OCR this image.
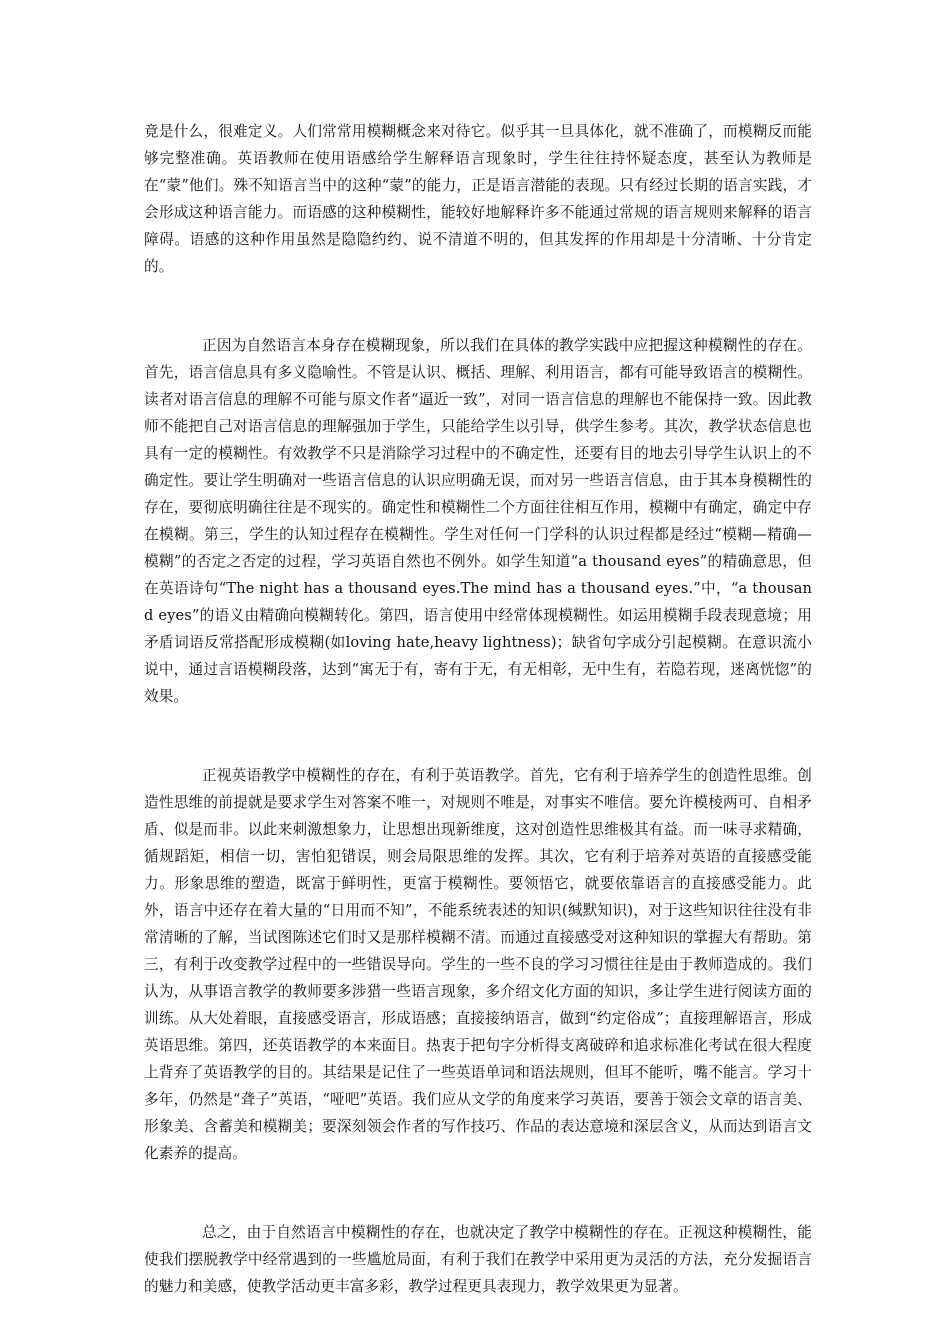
竟是什么，很难定义。人们常常用模糊概念来对待它。似乎其一旦具体化，就不准确了，而模糊反而能够完整准确。英语教师在使用语感给学生解释语言现象时，学生往往持怀疑态度，甚至认为教师是在“蒙”他们。殊不知语言当中的这种“蒙”的能力，正是语言潜能的表现。只有经过长期的语言实践，才会形成这种语言能力。而语感的这种模糊性，能较好地解释许多不能通过常规的语言规则来解释的语言障碍。语感的这种作用虽然是隐隐约约、说不清道不明的，但其发挥的作用却是十分清晰、十分肯定的。

正因为自然语言本身存在模糊现象，所以我们在具体的教学实践中应把握这种模糊性的存在。首先，语言信息具有多义隐喻性。不管是认识、概括、理解、利用语言，都有可能导致语言的模糊性。读者对语言信息的理解不可能与原文作者“逼近一致”，对同一语言信息的理解也不能保持一致。因此教师不能把自己对语言信息的理解强加于学生，只能给学生以引导，供学生参考。其次，教学状态信息也具有一定的模糊性。有效教学不只是消除学习过程中的不确定性，还要有目的地去引导学生认识上的不确定性。要让学生明确对一些语言信息的认识应明确无误，而对另一些语言信息，由于其本身模糊性的存在，要彻底明确往往是不现实的。确定性和模糊性二个方面往往相互作用，模糊中有确定，确定中存在模糊。第三，学生的认知过程存在模糊性。学生对任何一门学科的认识过程都是经过“模糊—精确—模糊”的否定之否定的过程，学习英语自然也不例外。如学生知道“a thousand eyes”的精确意思，但在英语诗句“The night has a thousand eyes.The mind has a thousand eyes.”中，“a thousand eyes”的语义由精确向模糊转化。第四，语言使用中经常体现模糊性。如运用模糊手段表现意境；用矛盾词语反常搭配形成模糊(如loving hate,heavy lightness)；缺省句字成分引起模糊。在意识流小说中，通过言语模糊段落，达到“寓无于有，寄有于无，有无相彰，无中生有，若隐若现，迷离恍惚”的效果。

正视英语教学中模糊性的存在，有利于英语教学。首先，它有利于培养学生的创造性思维。创造性思维的前提就是要求学生对答案不唯一，对规则不唯是，对事实不唯信。要允许模棱两可、自相矛盾、似是而非。以此来刺激想象力，让思想出现新维度，这对创造性思维极其有益。而一味寻求精确，循规蹈矩，相信一切，害怕犯错误，则会局限思维的发挥。其次，它有利于培养对英语的直接感受能力。形象思维的塑造，既富于鲜明性，更富于模糊性。要领悟它，就要依靠语言的直接感受能力。此外，语言中还存在着大量的“日用而不知”，不能系统表述的知识(缄默知识)，对于这些知识往往没有非常清晰的了解，当试图陈述它们时又是那样模糊不清。而通过直接感受对这种知识的掌握大有帮助。第三，有利于改变教学过程中的一些错误导向。学生的一些不良的学习习惯往往是由于教师造成的。我们认为，从事语言教学的教师要多涉猎一些语言现象，多介绍文化方面的知识，多让学生进行阅读方面的训练。从大处着眼，直接感受语言，形成语感；直接接纳语言，做到“约定俗成”；直接理解语言，形成英语思维。第四，还英语教学的本来面目。热衷于把句字分析得支离破碎和追求标准化考试在很大程度上背弃了英语教学的目的。其结果是记住了一些英语单词和语法规则，但耳不能听，嘴不能言。学习十多年，仍然是“聋子”英语，“哑吧”英语。我们应从文学的角度来学习英语，要善于领会文章的语言美、形象美、含蓄美和模糊美；要深刻领会作者的写作技巧、作品的表达意境和深层含义，从而达到语言文化素养的提高。

总之，由于自然语言中模糊性的存在，也就决定了教学中模糊性的存在。正视这种模糊性，能使我们摆脱教学中经常遇到的一些尴尬局面，有利于我们在教学中采用更为灵活的方法，充分发掘语言的魅力和美感，使教学活动更丰富多彩，教学过程更具表现力，教学效果更为显著。
